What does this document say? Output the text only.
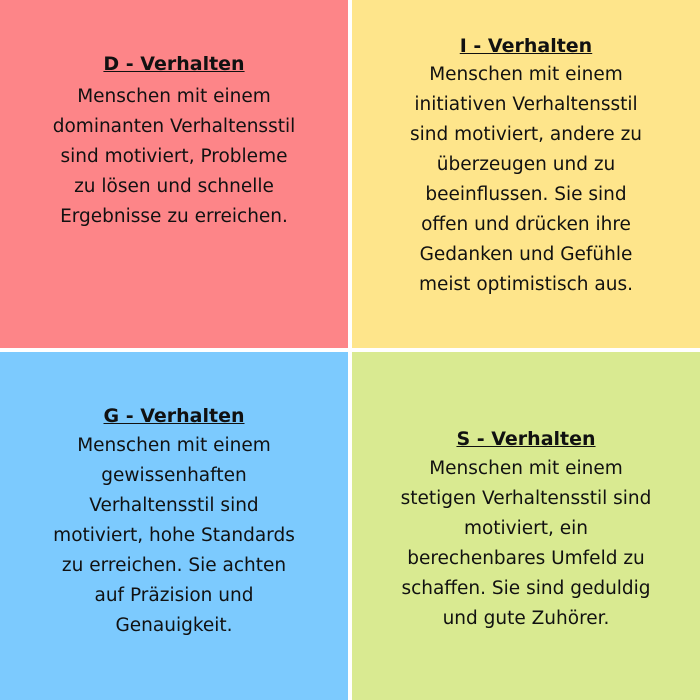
D - Verhalten

Menschen mit einem
dominanten Verhaltensstil
sind motiviert, Probleme
zu lösen und schnelle
Ergebnisse zu erreichen.

I - Verhalten

Menschen mit einem
initiativen Verhaltensstil
sind motiviert, andere zu
überzeugen und zu
beeinflussen. Sie sind
offen und drücken ihre
Gedanken und Gefühle
meist optimistisch aus.

G - Verhalten

Menschen mit einem
gewissenhaften
Verhaltensstil sind
motiviert, hohe Standards
zu erreichen. Sie achten
auf Präzision und
Genauigkeit.

S - Verhalten

Menschen mit einem
stetigen Verhaltensstil sind
motiviert, ein
berechenbares Umfeld zu
schaffen. Sie sind geduldig
und gute Zuhörer.
